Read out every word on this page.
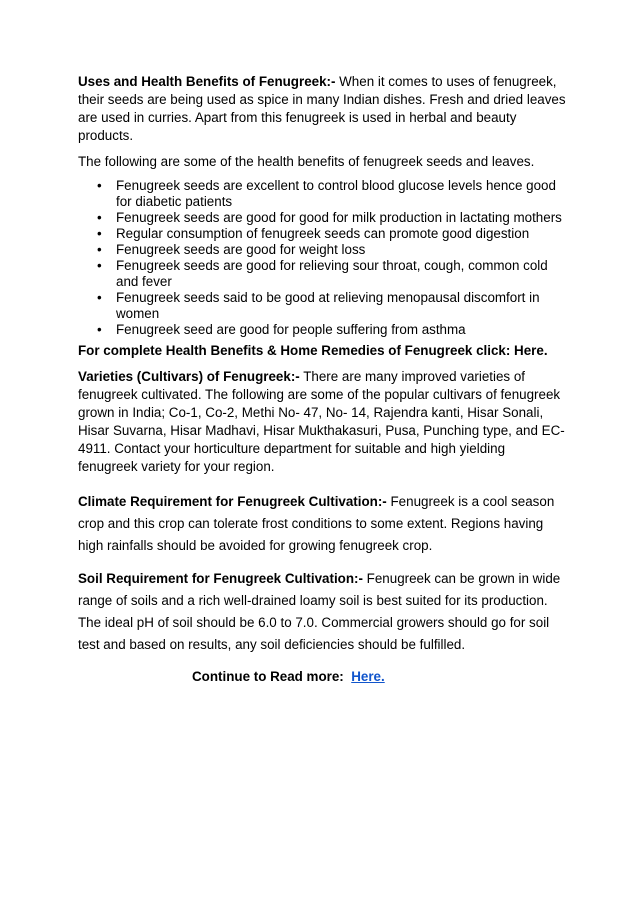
Uses and Health Benefits of Fenugreek:- When it comes to uses of fenugreek, their seeds are being used as spice in many Indian dishes. Fresh and dried leaves are used in curries. Apart from this fenugreek is used in herbal and beauty products.

The following are some of the health benefits of fenugreek seeds and leaves.

• Fenugreek seeds are excellent to control blood glucose levels hence good for diabetic patients
• Fenugreek seeds are good for good for milk production in lactating mothers
• Regular consumption of fenugreek seeds can promote good digestion
• Fenugreek seeds are good for weight loss
• Fenugreek seeds are good for relieving sour throat, cough, common cold and fever
• Fenugreek seeds said to be good at relieving menopausal discomfort in women
• Fenugreek seed are good for people suffering from asthma

For complete Health Benefits & Home Remedies of Fenugreek click: Here.

Varieties (Cultivars) of Fenugreek:- There are many improved varieties of fenugreek cultivated. The following are some of the popular cultivars of fenugreek grown in India; Co-1, Co-2, Methi No- 47, No- 14, Rajendra kanti, Hisar Sonali, Hisar Suvarna, Hisar Madhavi, Hisar Mukthakasuri, Pusa, Punching type, and EC- 4911. Contact your horticulture department for suitable and high yielding fenugreek variety for your region.

Climate Requirement for Fenugreek Cultivation:- Fenugreek is a cool season crop and this crop can tolerate frost conditions to some extent. Regions having high rainfalls should be avoided for growing fenugreek crop.

Soil Requirement for Fenugreek Cultivation:- Fenugreek can be grown in wide range of soils and a rich well-drained loamy soil is best suited for its production. The ideal pH of soil should be 6.0 to 7.0. Commercial growers should go for soil test and based on results, any soil deficiencies should be fulfilled.

Continue to Read more: Here.
